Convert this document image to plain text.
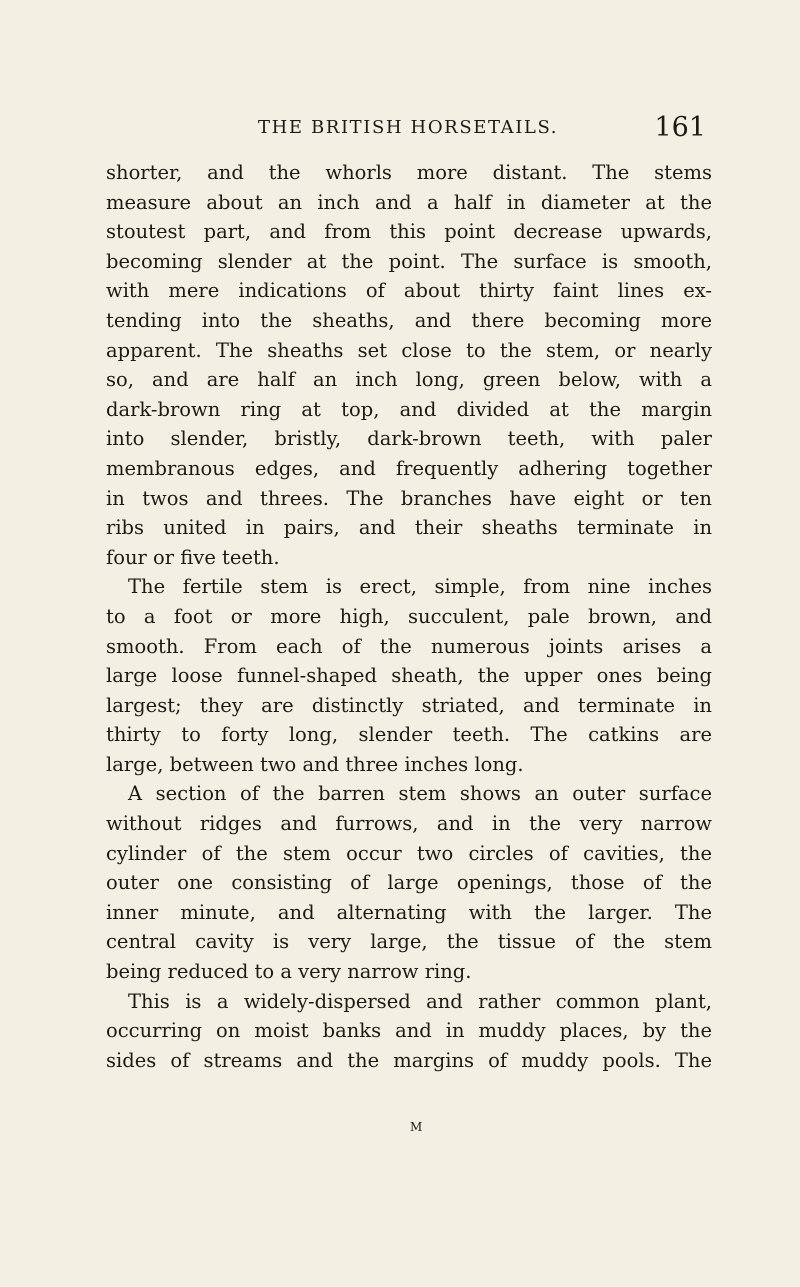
THE BRITISH HORSETAILS.	161
shorter, and the whorls more distant. The stems
measure about an inch and a half in diameter at the
stoutest part, and from this point decrease upwards,
becoming slender at the point. The surface is smooth,
with mere indications of about thirty faint lines ex-
tending into the sheaths, and there becoming more
apparent. The sheaths set close to the stem, or nearly
so, and are half an inch long, green below, with a
dark-brown ring at top, and divided at the margin
into slender, bristly, dark-brown teeth, with paler
membranous edges, and frequently adhering together
in twos and threes. The branches have eight or ten
ribs united in pairs, and their sheaths terminate in
four or five teeth.
The fertile stem is erect, simple, from nine inches
to a foot or more high, succulent, pale brown, and
smooth. From each of the numerous joints arises a
large loose funnel-shaped sheath, the upper ones being
largest; they are distinctly striated, and terminate in
thirty to forty long, slender teeth. The catkins are
large, between two and three inches long.
A section of the barren stem shows an outer surface
without ridges and furrows, and in the very narrow
cylinder of the stem occur two circles of cavities, the
outer one consisting of large openings, those of the
inner minute, and alternating with the larger. The
central cavity is very large, the tissue of the stem
being reduced to a very narrow ring.
This is a widely-dispersed and rather common plant,
occurring on moist banks and in muddy places, by the
sides of streams and the margins of muddy pools. The
M
